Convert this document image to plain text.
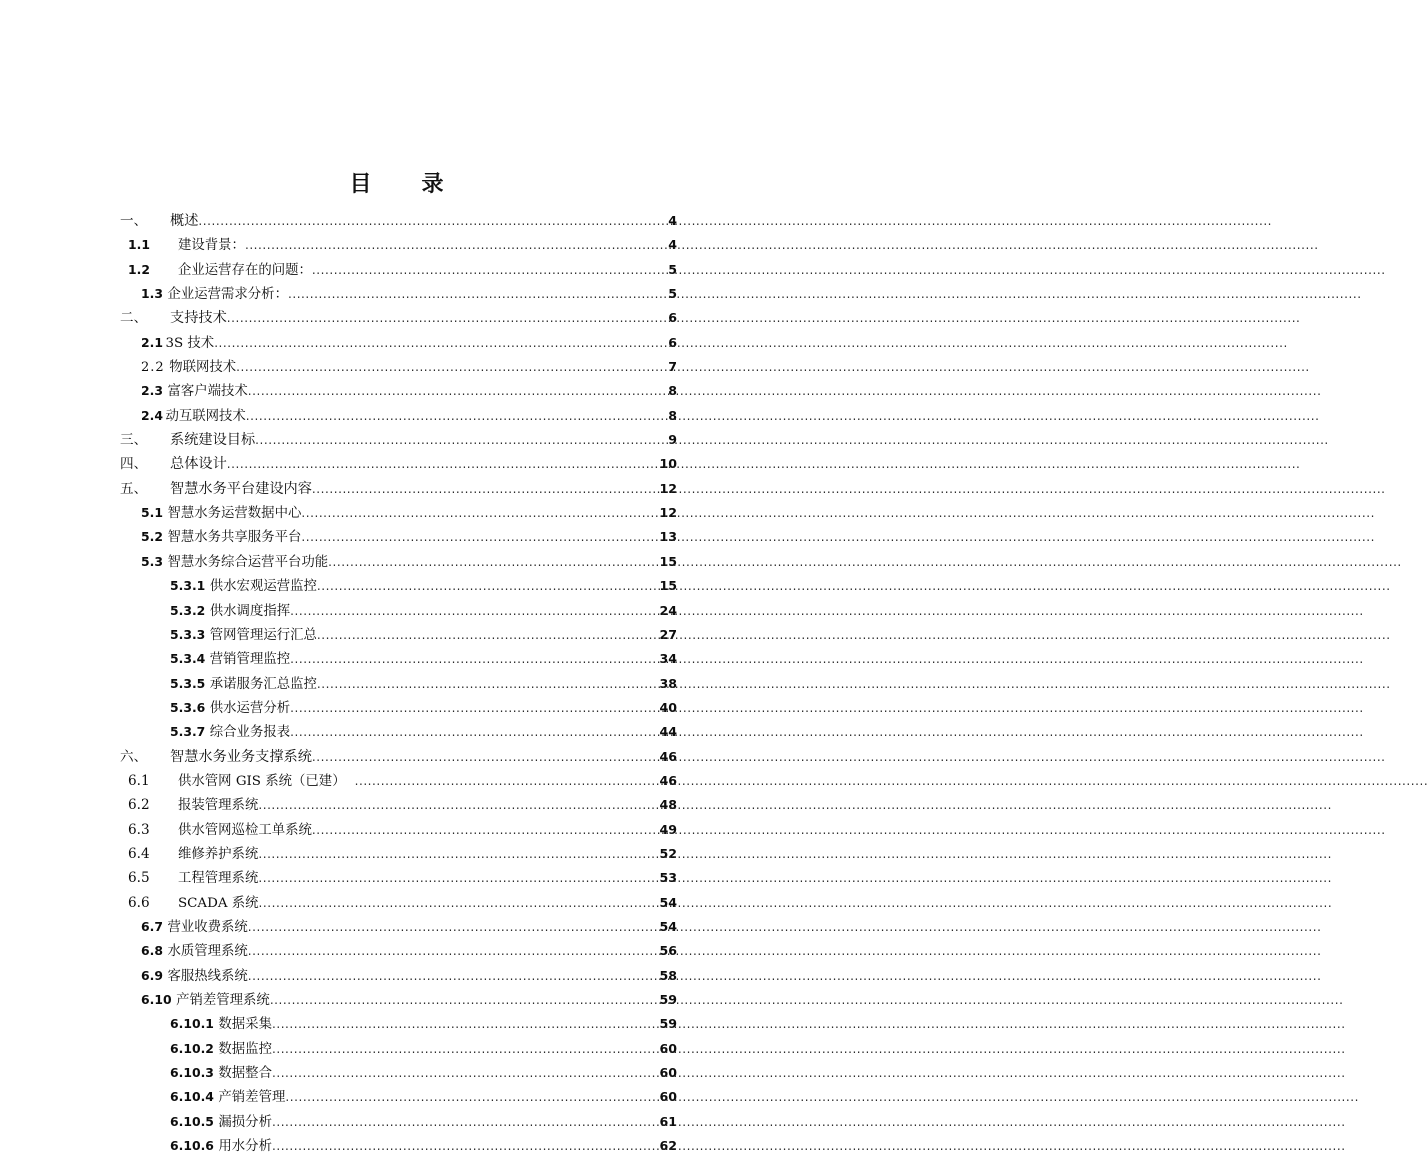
目　录
一、	概述 .....	4
1.1	建设背景： .....	4
1.2	企业运营存在的问题： .....	5
1.3 企业运营需求分析： .....	5
二、	支持技术 .....	6
2.1 3S 技术 .....	6
2.2 物联网技术 .....	7
2.3 富客户端技术 .....	8
2.4 动互联网技术 .....	8
三、	系统建设目标 .....	9
四、	总体设计 .....	10
五、	智慧水务平台建设内容 .....	12
5.1 智慧水务运营数据中心 .....	12
5.2 智慧水务共享服务平台 .....	13
5.3 智慧水务综合运营平台功能 .....	15
5.3.1 供水宏观运营监控 .....	15
5.3.2 供水调度指挥 .....	24
5.3.3 管网管理运行汇总 .....	27
5.3.4 营销管理监控 .....	34
5.3.5 承诺服务汇总监控 .....	38
5.3.6 供水运营分析 .....	40
5.3.7 综合业务报表 .....	44
六、	智慧水务业务支撑系统 .....	46
6.1	供水管网 GIS 系统（已建） .....	46
6.2	报装管理系统 .....	48
6.3	供水管网巡检工单系统 .....	49
6.4	维修养护系统 .....	52
6.5	工程管理系统 .....	53
6.6	SCADA 系统 .....	54
6.7 营业收费系统 .....	54
6.8 水质管理系统 .....	56
6.9 客服热线系统 .....	58
6.10 产销差管理系统 .....	59
6.10.1 数据采集 .....	59
6.10.2 数据监控 .....	60
6.10.3 数据整合 .....	60
6.10.4 产销差管理 .....	60
6.10.5 漏损分析 .....	61
6.10.6 用水分析 .....	62
